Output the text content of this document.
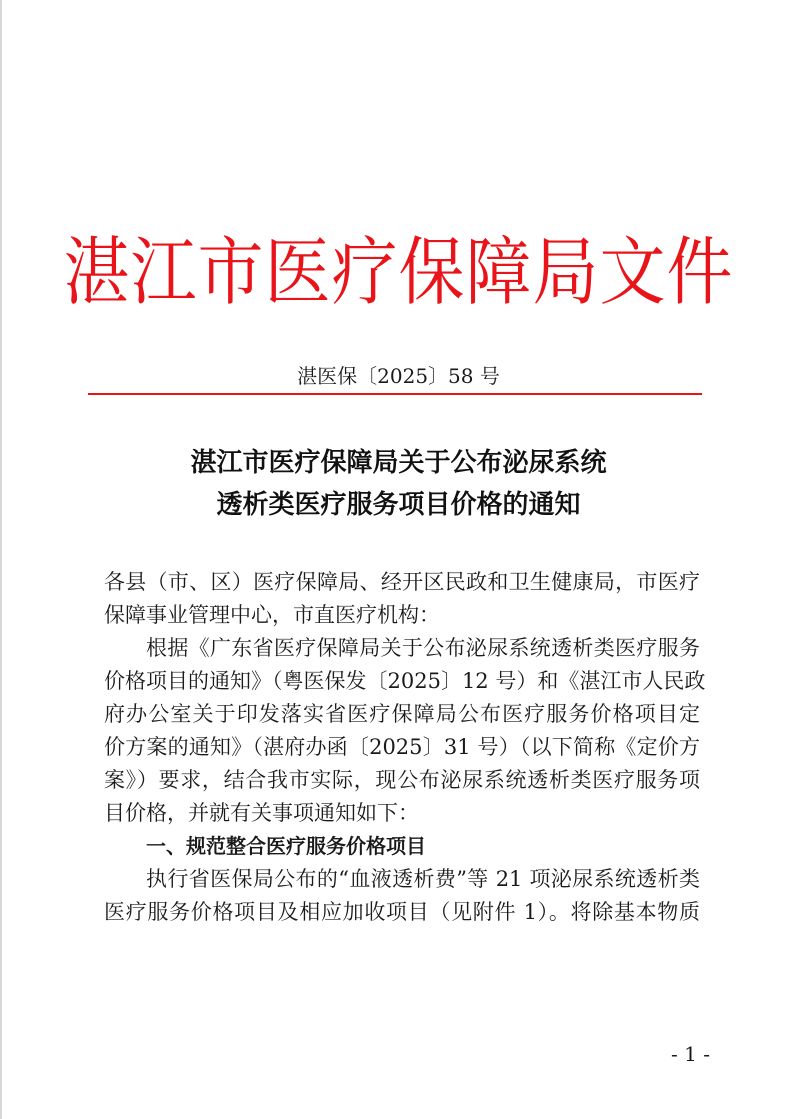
湛江市医疗保障局文件
湛医保〔2025〕58 号
湛江市医疗保障局关于公布泌尿系统
透析类医疗服务项目价格的通知
各县（市、区）医疗保障局、经开区民政和卫生健康局，市医疗
保障事业管理中心，市直医疗机构：
根据《广东省医疗保障局关于公布泌尿系统透析类医疗服务
价格项目的通知》（粤医保发〔2025〕12 号）和《湛江市人民政
府办公室关于印发落实省医疗保障局公布医疗服务价格项目定
价方案的通知》（湛府办函〔2025〕31 号）（以下简称《定价方
案》）要求，结合我市实际，现公布泌尿系统透析类医疗服务项
目价格，并就有关事项通知如下：
一、规范整合医疗服务价格项目
执行省医保局公布的“血液透析费”等 21 项泌尿系统透析类
医疗服务价格项目及相应加收项目（见附件 1）。将除基本物质
- 1 -
